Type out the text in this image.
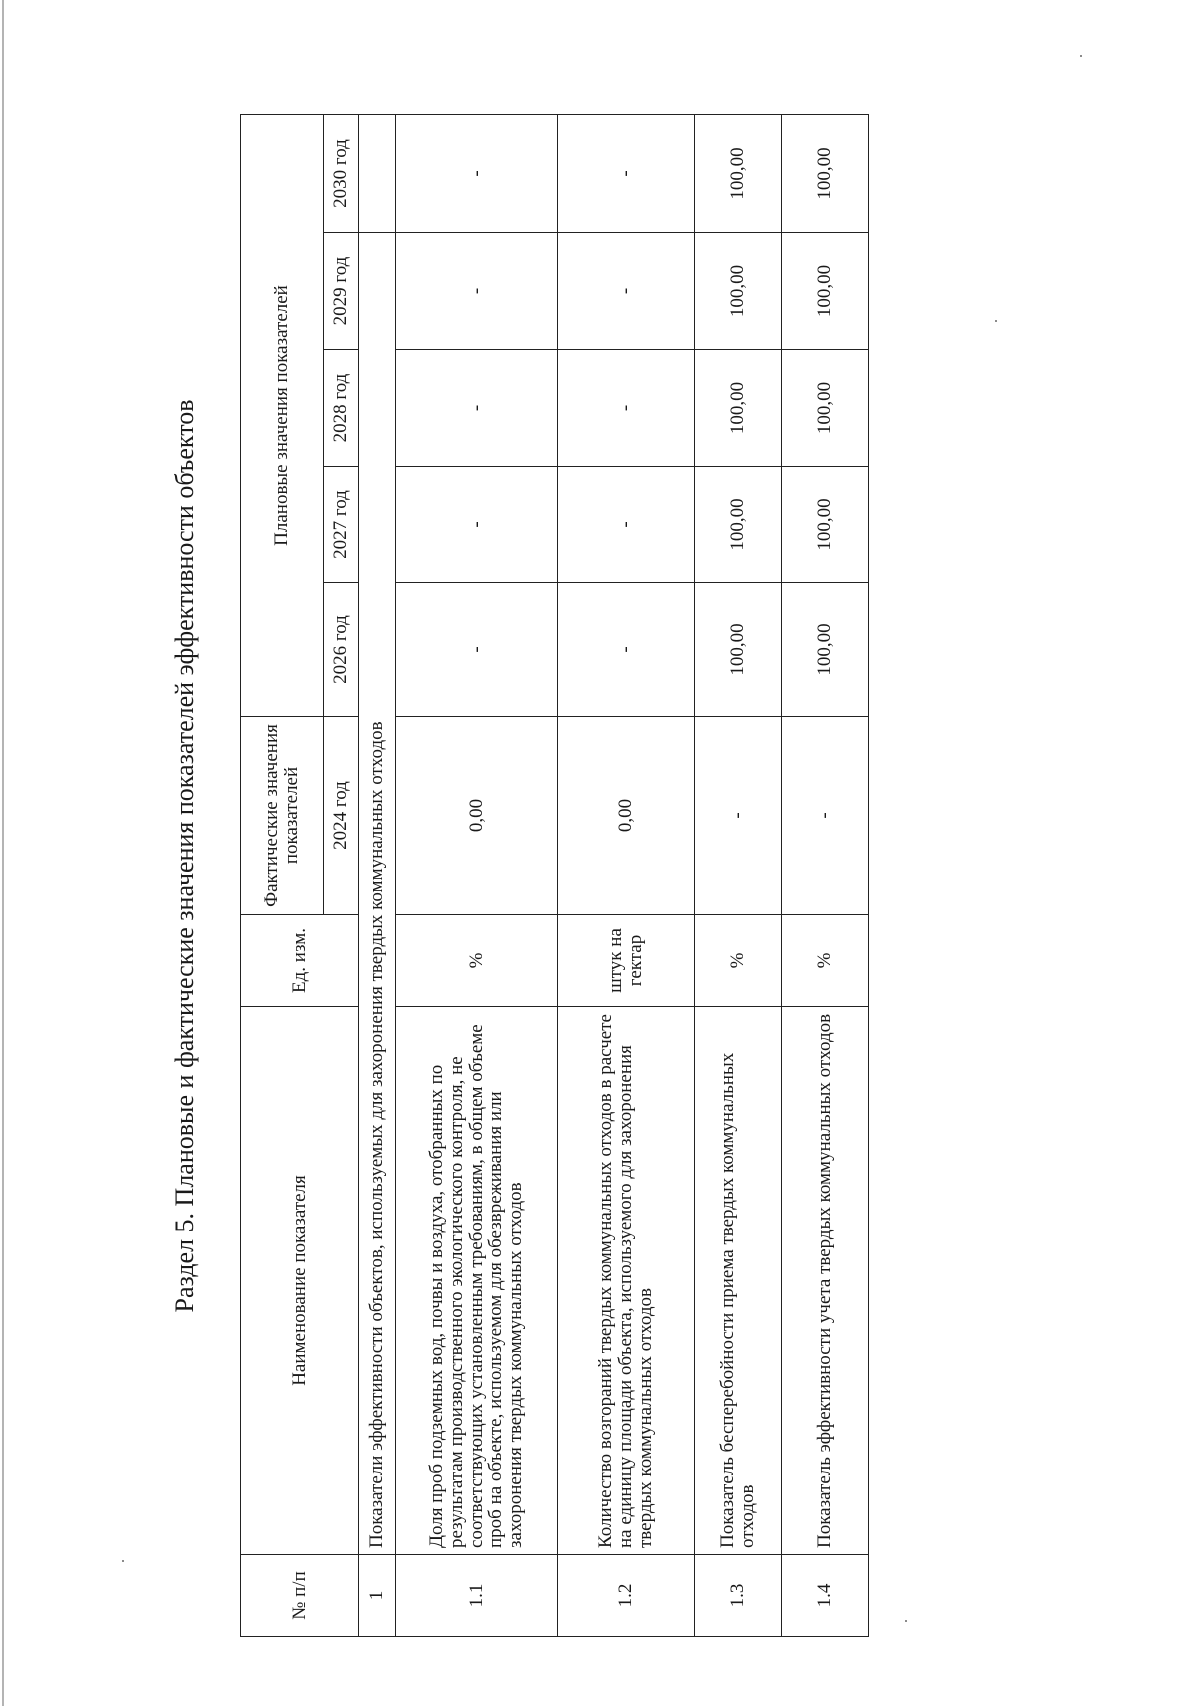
Раздел 5. Плановые и фактические значения показателей эффективности объектов
№ п/п	Наименование показателя	Ед. изм.	Фактические значения показателей	Плановые значения показателей				
			2024 год	2026 год	2027 год	2028 год	2029 год	2030 год
1	Показатели эффективности объектов, используемых для захоронения твердых коммунальных отходов							
1.1	Доля проб подземных вод, почвы и воздуха, отобранных по результатам производственного экологического контроля, не соответствующих установленным требованиям, в общем объеме проб на объекте, используемом для обезвреживания или захоронения твердых коммунальных отходов	%	0,00	-	-	-	-	-
1.2	Количество возгораний твердых коммунальных отходов в расчете на единицу площади объекта, используемого для захоронения твердых коммунальных отходов	штук на гектар	0,00	-	-	-	-	-
1.3	Показатель бесперебойности приема твердых коммунальных отходов	%	-	100,00	100,00	100,00	100,00	100,00
1.4	Показатель эффективности учета твердых коммунальных отходов	%	-	100,00	100,00	100,00	100,00	100,00
